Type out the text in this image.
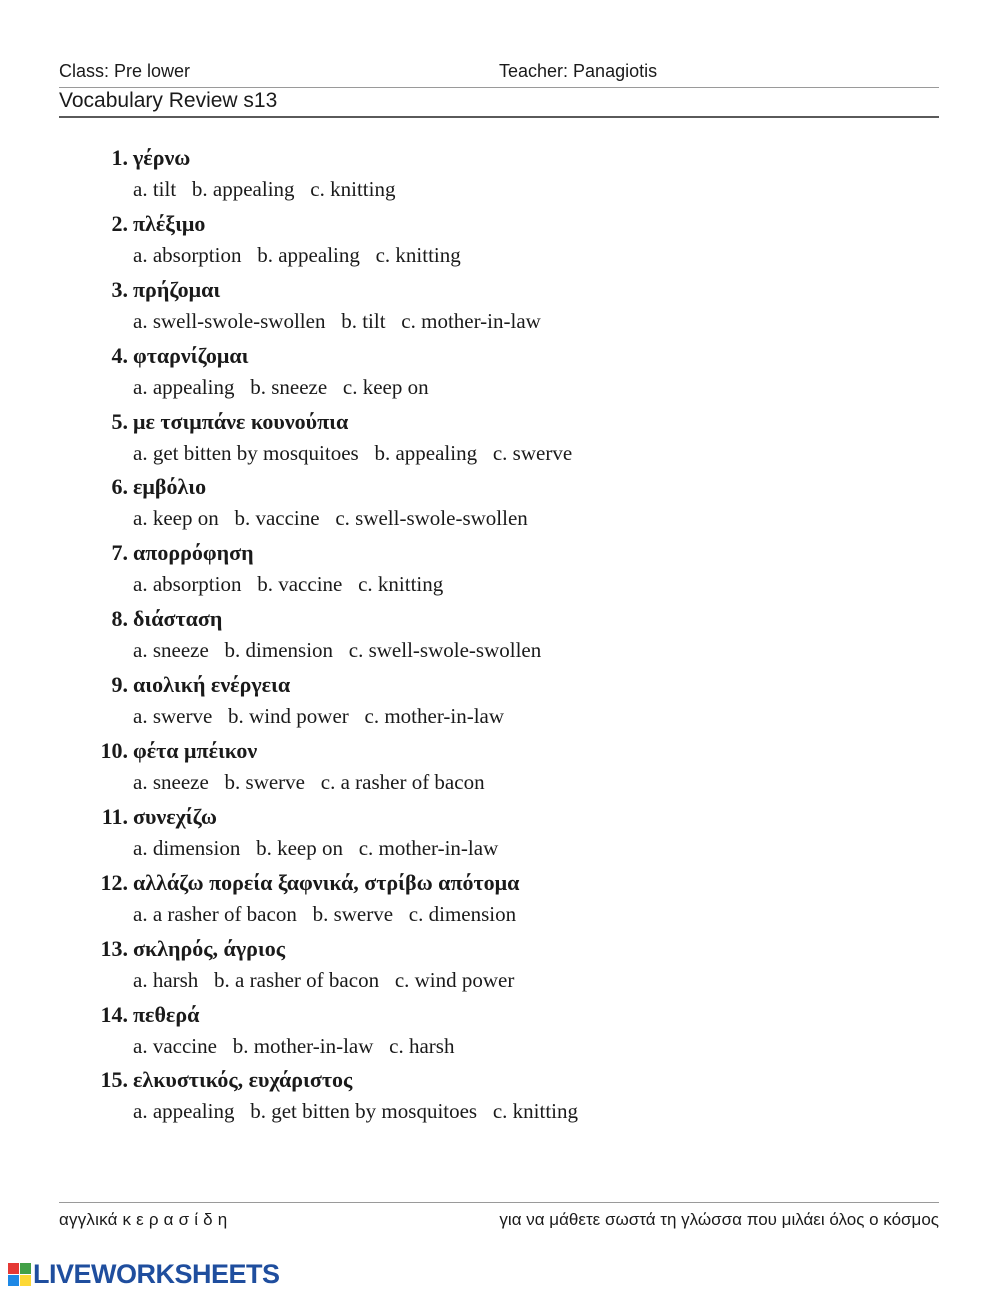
Class: Pre lower	Teacher: Panagiotis
Vocabulary Review s13
1. γέρνω
a. tilt   b. appealing   c. knitting
2. πλέξιμο
a. absorption   b. appealing   c. knitting
3. πρήζομαι
a. swell-swole-swollen   b. tilt   c. mother-in-law
4. φταρνίζομαι
a. appealing   b. sneeze   c. keep on
5. με τσιμπάνε κουνούπια
a. get bitten by mosquitoes   b. appealing   c. swerve
6. εμβόλιο
a. keep on   b. vaccine   c. swell-swole-swollen
7. απορρόφηση
a. absorption   b. vaccine   c. knitting
8. διάσταση
a. sneeze   b. dimension   c. swell-swole-swollen
9. αιολική ενέργεια
a. swerve   b. wind power   c. mother-in-law
10. φέτα μπέικον
a. sneeze   b. swerve   c. a rasher of bacon
11. συνεχίζω
a. dimension   b. keep on   c. mother-in-law
12. αλλάζω πορεία ξαφνικά, στρίβω απότομα
a. a rasher of bacon   b. swerve   c. dimension
13. σκληρός, άγριος
a. harsh   b. a rasher of bacon   c. wind power
14. πεθερά
a. vaccine   b. mother-in-law   c. harsh
15. ελκυστικός, ευχάριστος
a. appealing   b. get bitten by mosquitoes   c. knitting
αγγλικά κ ε ρ α σ ί δ η	για να μάθετε σωστά τη γλώσσα που μιλάει όλος ο κόσμος
LIVEWORKSHEETS
